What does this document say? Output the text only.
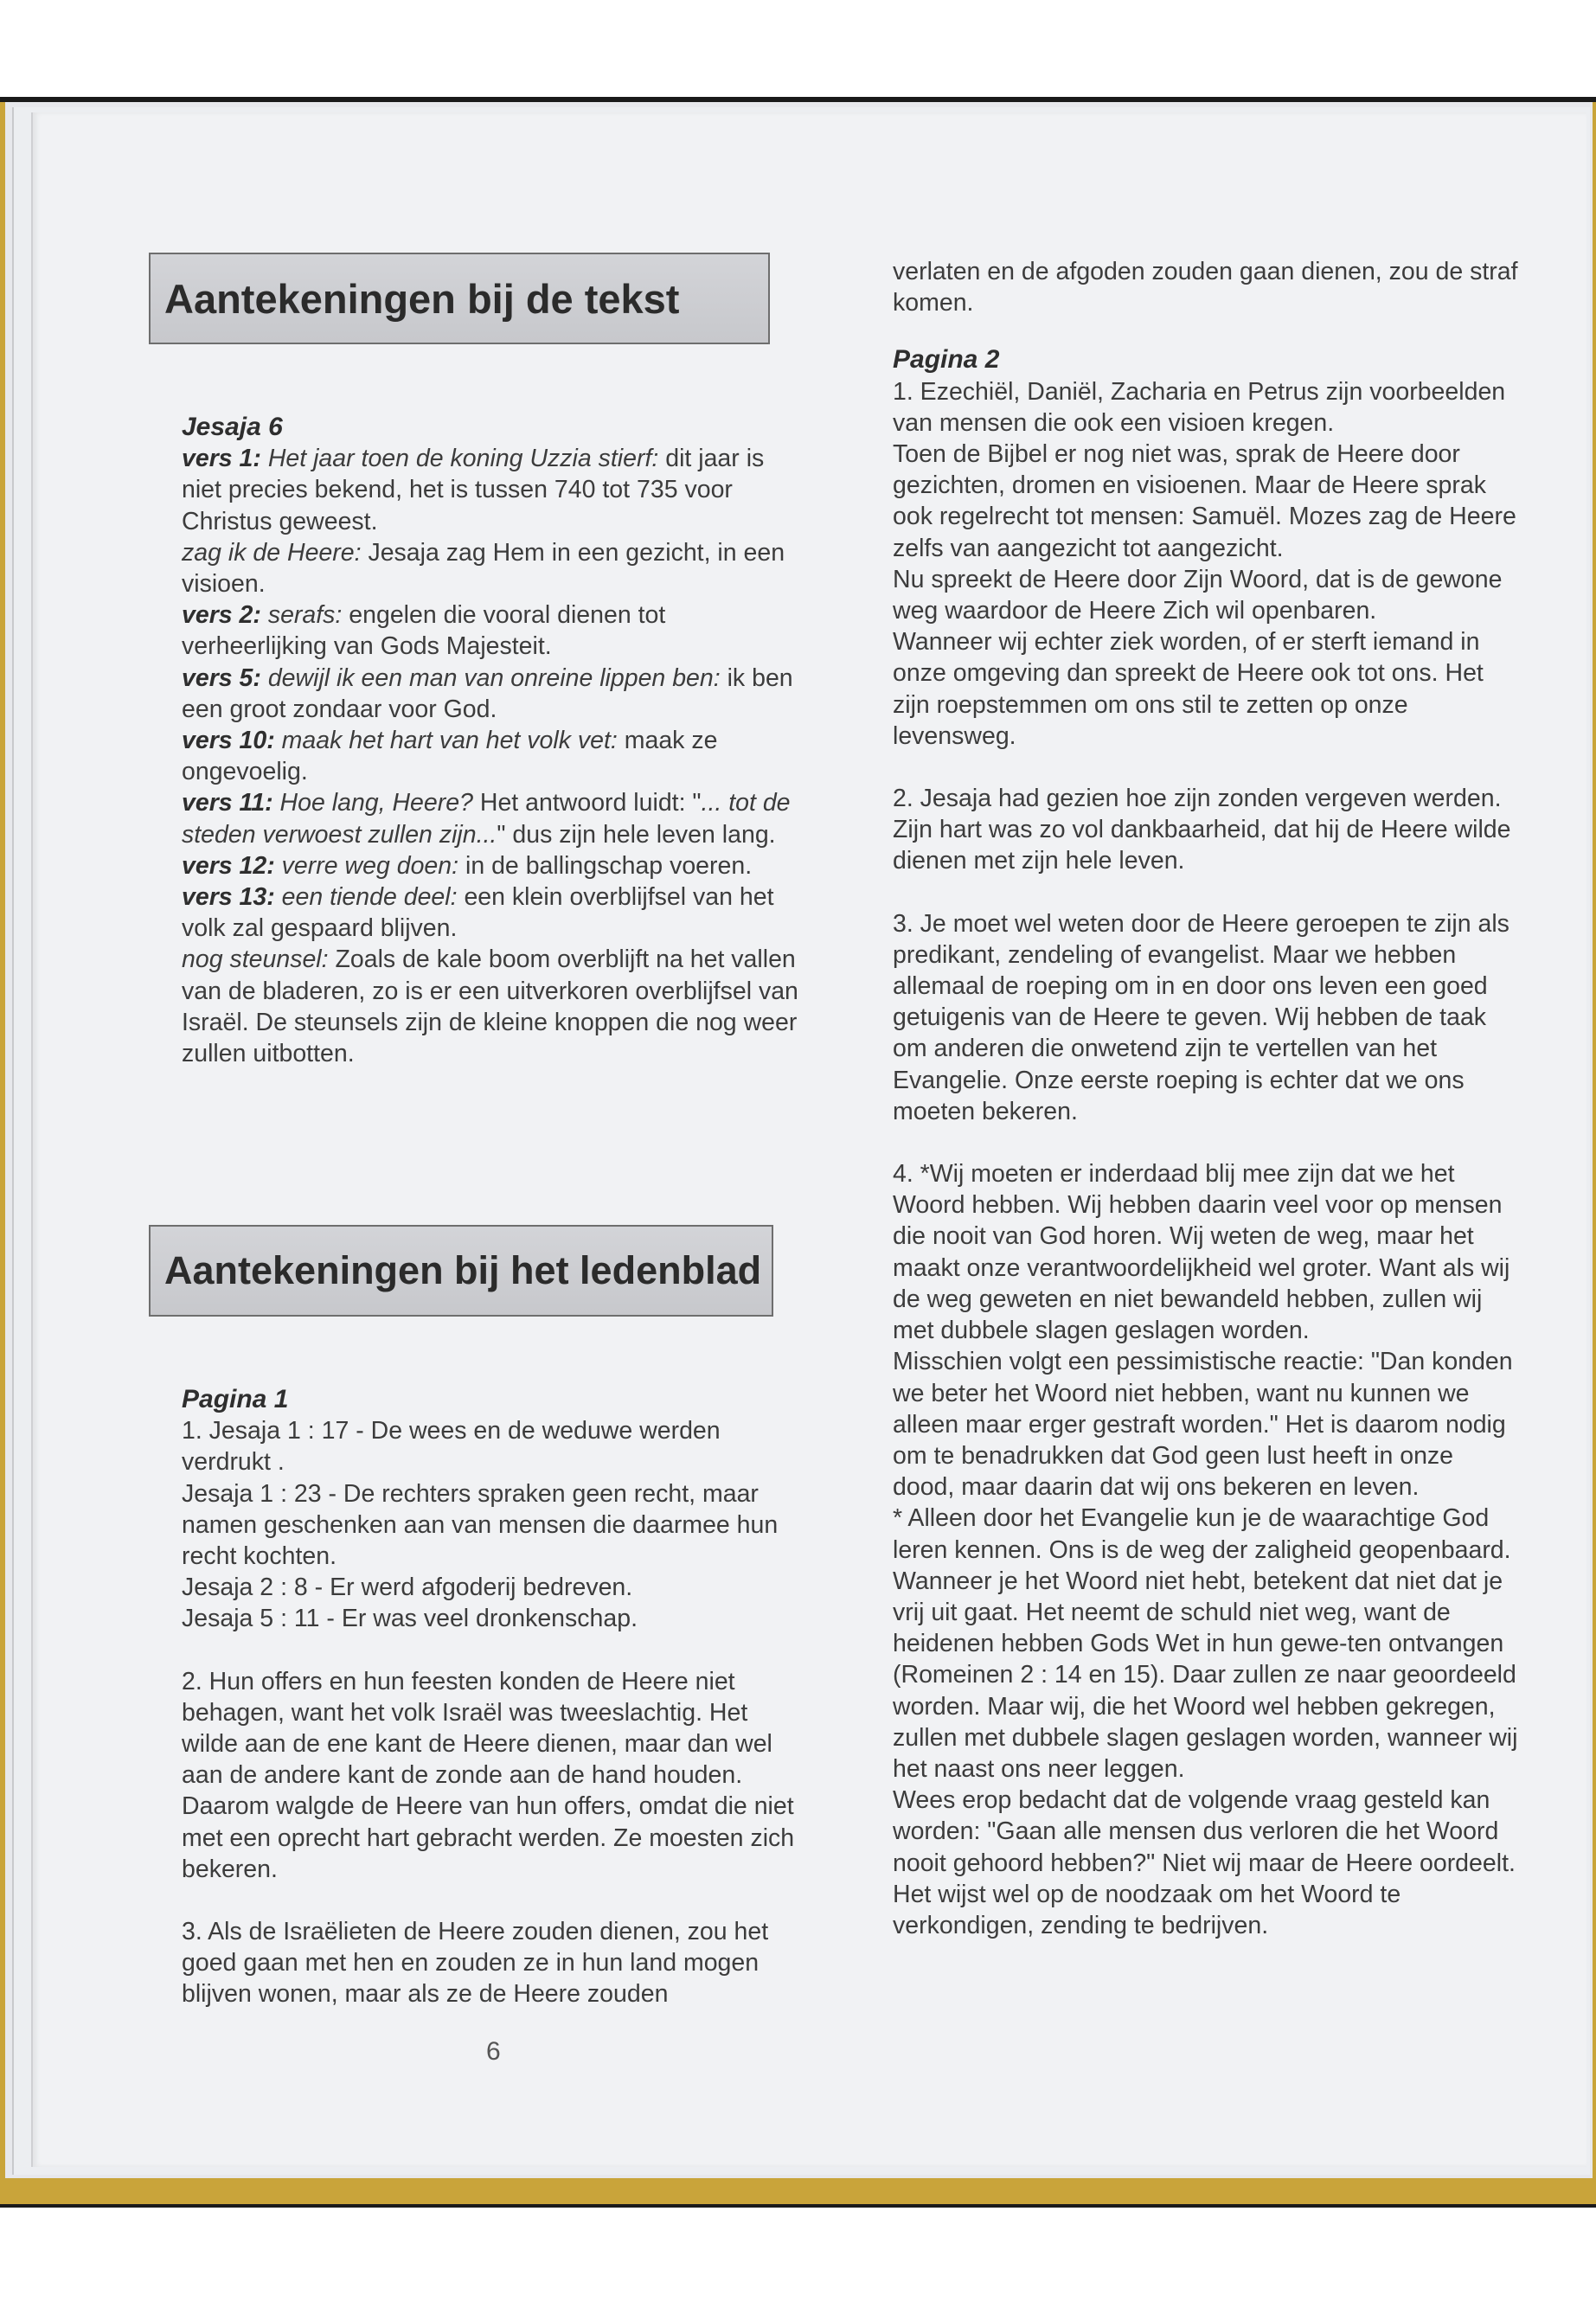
Aantekeningen bij de tekst

Jesaja 6

vers 1: Het jaar toen de koning Uzzia stierf: dit jaar is niet precies bekend, het is tussen 740 tot 735 voor Christus geweest.

zag ik de Heere: Jesaja zag Hem in een gezicht, in een visioen.

vers 2: serafs: engelen die vooral dienen tot verheerlijking van Gods Majesteit.

vers 5: dewijl ik een man van onreine lippen ben: ik ben een groot zondaar voor God.

vers 10: maak het hart van het volk vet: maak ze ongevoelig.

vers 11: Hoe lang, Heere? Het antwoord luidt: "... tot de steden verwoest zullen zijn..." dus zijn hele leven lang.

vers 12: verre weg doen: in de ballingschap voeren.

vers 13: een tiende deel: een klein overblijfsel van het volk zal gespaard blijven.

nog steunsel: Zoals de kale boom overblijft na het vallen van de bladeren, zo is er een uitverkoren overblijfsel van Israël. De steunsels zijn de kleine knoppen die nog weer zullen uitbotten.

Aantekeningen bij het ledenblad

Pagina 1

1. Jesaja 1 : 17 - De wees en de weduwe werden verdrukt .

Jesaja 1 : 23 - De rechters spraken geen recht, maar namen geschenken aan van mensen die daarmee hun recht kochten.

Jesaja 2 : 8 - Er werd afgoderij bedreven.

Jesaja 5 : 11 - Er was veel dronkenschap.

2. Hun offers en hun feesten konden de Heere niet behagen, want het volk Israël was tweeslachtig. Het wilde aan de ene kant de Heere dienen, maar dan wel aan de andere kant de zonde aan de hand houden. Daarom walgde de Heere van hun offers, omdat die niet met een oprecht hart gebracht werden. Ze moesten zich bekeren.

3. Als de Israëlieten de Heere zouden dienen, zou het goed gaan met hen en zouden ze in hun land mogen blijven wonen, maar als ze de Heere zouden

verlaten en de afgoden zouden gaan dienen, zou de straf komen.

Pagina 2

1. Ezechiël, Daniël, Zacharia en Petrus zijn voorbeelden van mensen die ook een visioen kregen.

Toen de Bijbel er nog niet was, sprak de Heere door gezichten, dromen en visioenen. Maar de Heere sprak ook regelrecht tot mensen: Samuël. Mozes zag de Heere zelfs van aangezicht tot aangezicht.

Nu spreekt de Heere door Zijn Woord, dat is de gewone weg waardoor de Heere Zich wil openbaren.

Wanneer wij echter ziek worden, of er sterft iemand in onze omgeving dan spreekt de Heere ook tot ons. Het zijn roepstemmen om ons stil te zetten op onze levensweg.

2. Jesaja had gezien hoe zijn zonden vergeven werden. Zijn hart was zo vol dankbaarheid, dat hij de Heere wilde dienen met zijn hele leven.

3. Je moet wel weten door de Heere geroepen te zijn als predikant, zendeling of evangelist. Maar we hebben allemaal de roeping om in en door ons leven een goed getuigenis van de Heere te geven. Wij hebben de taak om anderen die onwetend zijn te vertellen van het Evangelie. Onze eerste roeping is echter dat we ons moeten bekeren.

4. *Wij moeten er inderdaad blij mee zijn dat we het Woord hebben. Wij hebben daarin veel voor op mensen die nooit van God horen. Wij weten de weg, maar het maakt onze verantwoordelijkheid wel groter. Want als wij de weg geweten en niet bewandeld hebben, zullen wij met dubbele slagen geslagen worden.

Misschien volgt een pessimistische reactie: "Dan konden we beter het Woord niet hebben, want nu kunnen we alleen maar erger gestraft worden." Het is daarom nodig om te benadrukken dat God geen lust heeft in onze dood, maar daarin dat wij ons bekeren en leven.

* Alleen door het Evangelie kun je de waarachtige God leren kennen. Ons is de weg der zaligheid geopenbaard. Wanneer je het Woord niet hebt, betekent dat niet dat je vrij uit gaat. Het neemt de schuld niet weg, want de heidenen hebben Gods Wet in hun gewe-ten ontvangen (Romeinen 2 : 14 en 15). Daar zullen ze naar geoordeeld worden. Maar wij, die het Woord wel hebben gekregen, zullen met dubbele slagen geslagen worden, wanneer wij het naast ons neer leggen.

Wees erop bedacht dat de volgende vraag gesteld kan worden: "Gaan alle mensen dus verloren die het Woord nooit gehoord hebben?" Niet wij maar de Heere oordeelt. Het wijst wel op de noodzaak om het Woord te verkondigen, zending te bedrijven.

6
